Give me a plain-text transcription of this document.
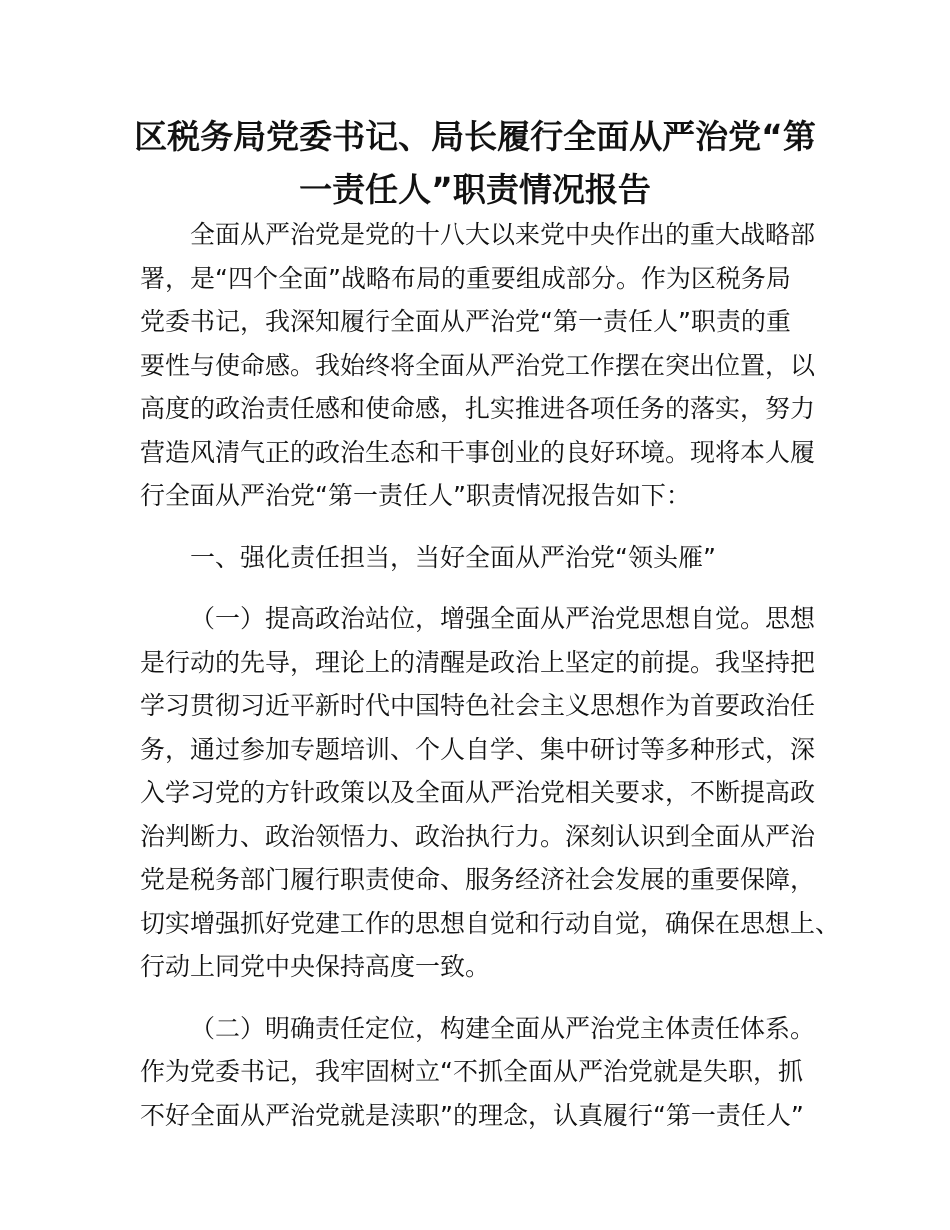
区税务局党委书记、局长履行全面从严治党“第
一责任人”职责情况报告
全面从严治党是党的十八大以来党中央作出的重大战略部
署，是“四个全面”战略布局的重要组成部分。作为区税务局
党委书记，我深知履行全面从严治党“第一责任人”职责的重
要性与使命感。我始终将全面从严治党工作摆在突出位置，以
高度的政治责任感和使命感，扎实推进各项任务的落实，努力
营造风清气正的政治生态和干事创业的良好环境。现将本人履
行全面从严治党“第一责任人”职责情况报告如下：
一、强化责任担当，当好全面从严治党“领头雁”
（一）提高政治站位，增强全面从严治党思想自觉。思想
是行动的先导，理论上的清醒是政治上坚定的前提。我坚持把
学习贯彻习近平新时代中国特色社会主义思想作为首要政治任
务，通过参加专题培训、个人自学、集中研讨等多种形式，深
入学习党的方针政策以及全面从严治党相关要求，不断提高政
治判断力、政治领悟力、政治执行力。深刻认识到全面从严治
党是税务部门履行职责使命、服务经济社会发展的重要保障，
切实增强抓好党建工作的思想自觉和行动自觉，确保在思想上、
行动上同党中央保持高度一致。
（二）明确责任定位，构建全面从严治党主体责任体系。
作为党委书记，我牢固树立“不抓全面从严治党就是失职，抓
不好全面从严治党就是渎职”的理念，认真履行“第一责任人”
